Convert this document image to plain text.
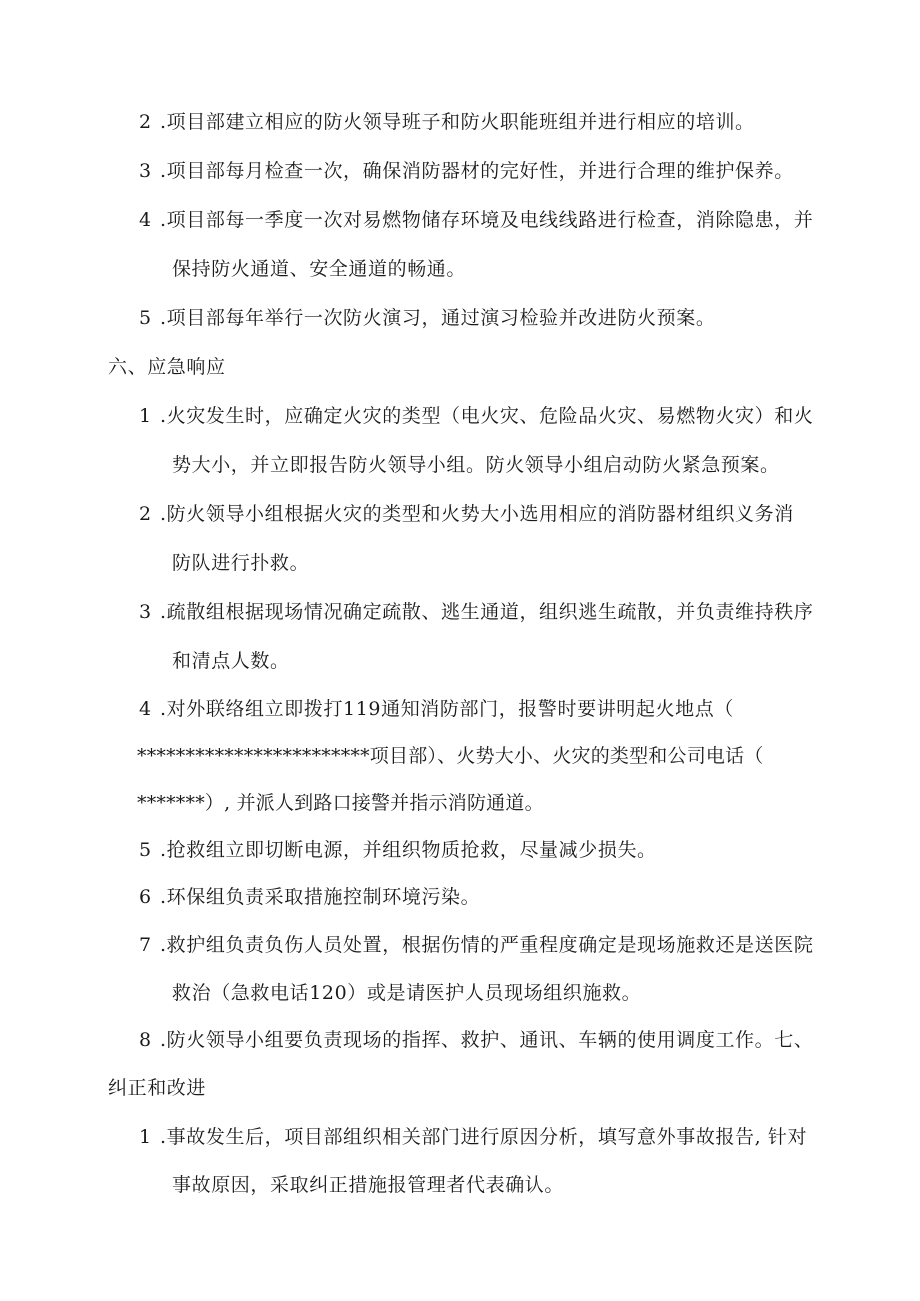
2 .项目部建立相应的防火领导班子和防火职能班组并进行相应的培训。
3 .项目部每月检查一次，确保消防器材的完好性，并进行合理的维护保养。
4 .项目部每一季度一次对易燃物储存环境及电线线路进行检查，消除隐患，并
保持防火通道、安全通道的畅通。
5 .项目部每年举行一次防火演习，通过演习检验并改进防火预案。
六、应急响应
1 .火灾发生时，应确定火灾的类型（电火灾、危险品火灾、易燃物火灾）和火
势大小，并立即报告防火领导小组。防火领导小组启动防火紧急预案。
2 .防火领导小组根据火灾的类型和火势大小选用相应的消防器材组织义务消
防队进行扑救。
3 .疏散组根据现场情况确定疏散、逃生通道，组织逃生疏散，并负责维持秩序
和清点人数。
4 .对外联络组立即拨打119通知消防部门，报警时要讲明起火地点（
************************项目部）、火势大小、火灾的类型和公司电话（
*******）, 并派人到路口接警并指示消防通道。
5 .抢救组立即切断电源，并组织物质抢救，尽量减少损失。
6 .环保组负责采取措施控制环境污染。
7 .救护组负责负伤人员处置，根据伤情的严重程度确定是现场施救还是送医院
救治（急救电话120）或是请医护人员现场组织施救。
8 .防火领导小组要负责现场的指挥、救护、通讯、车辆的使用调度工作。七、
纠正和改进
1 .事故发生后，项目部组织相关部门进行原因分析，填写意外事故报告, 针对
事故原因，采取纠正措施报管理者代表确认。
